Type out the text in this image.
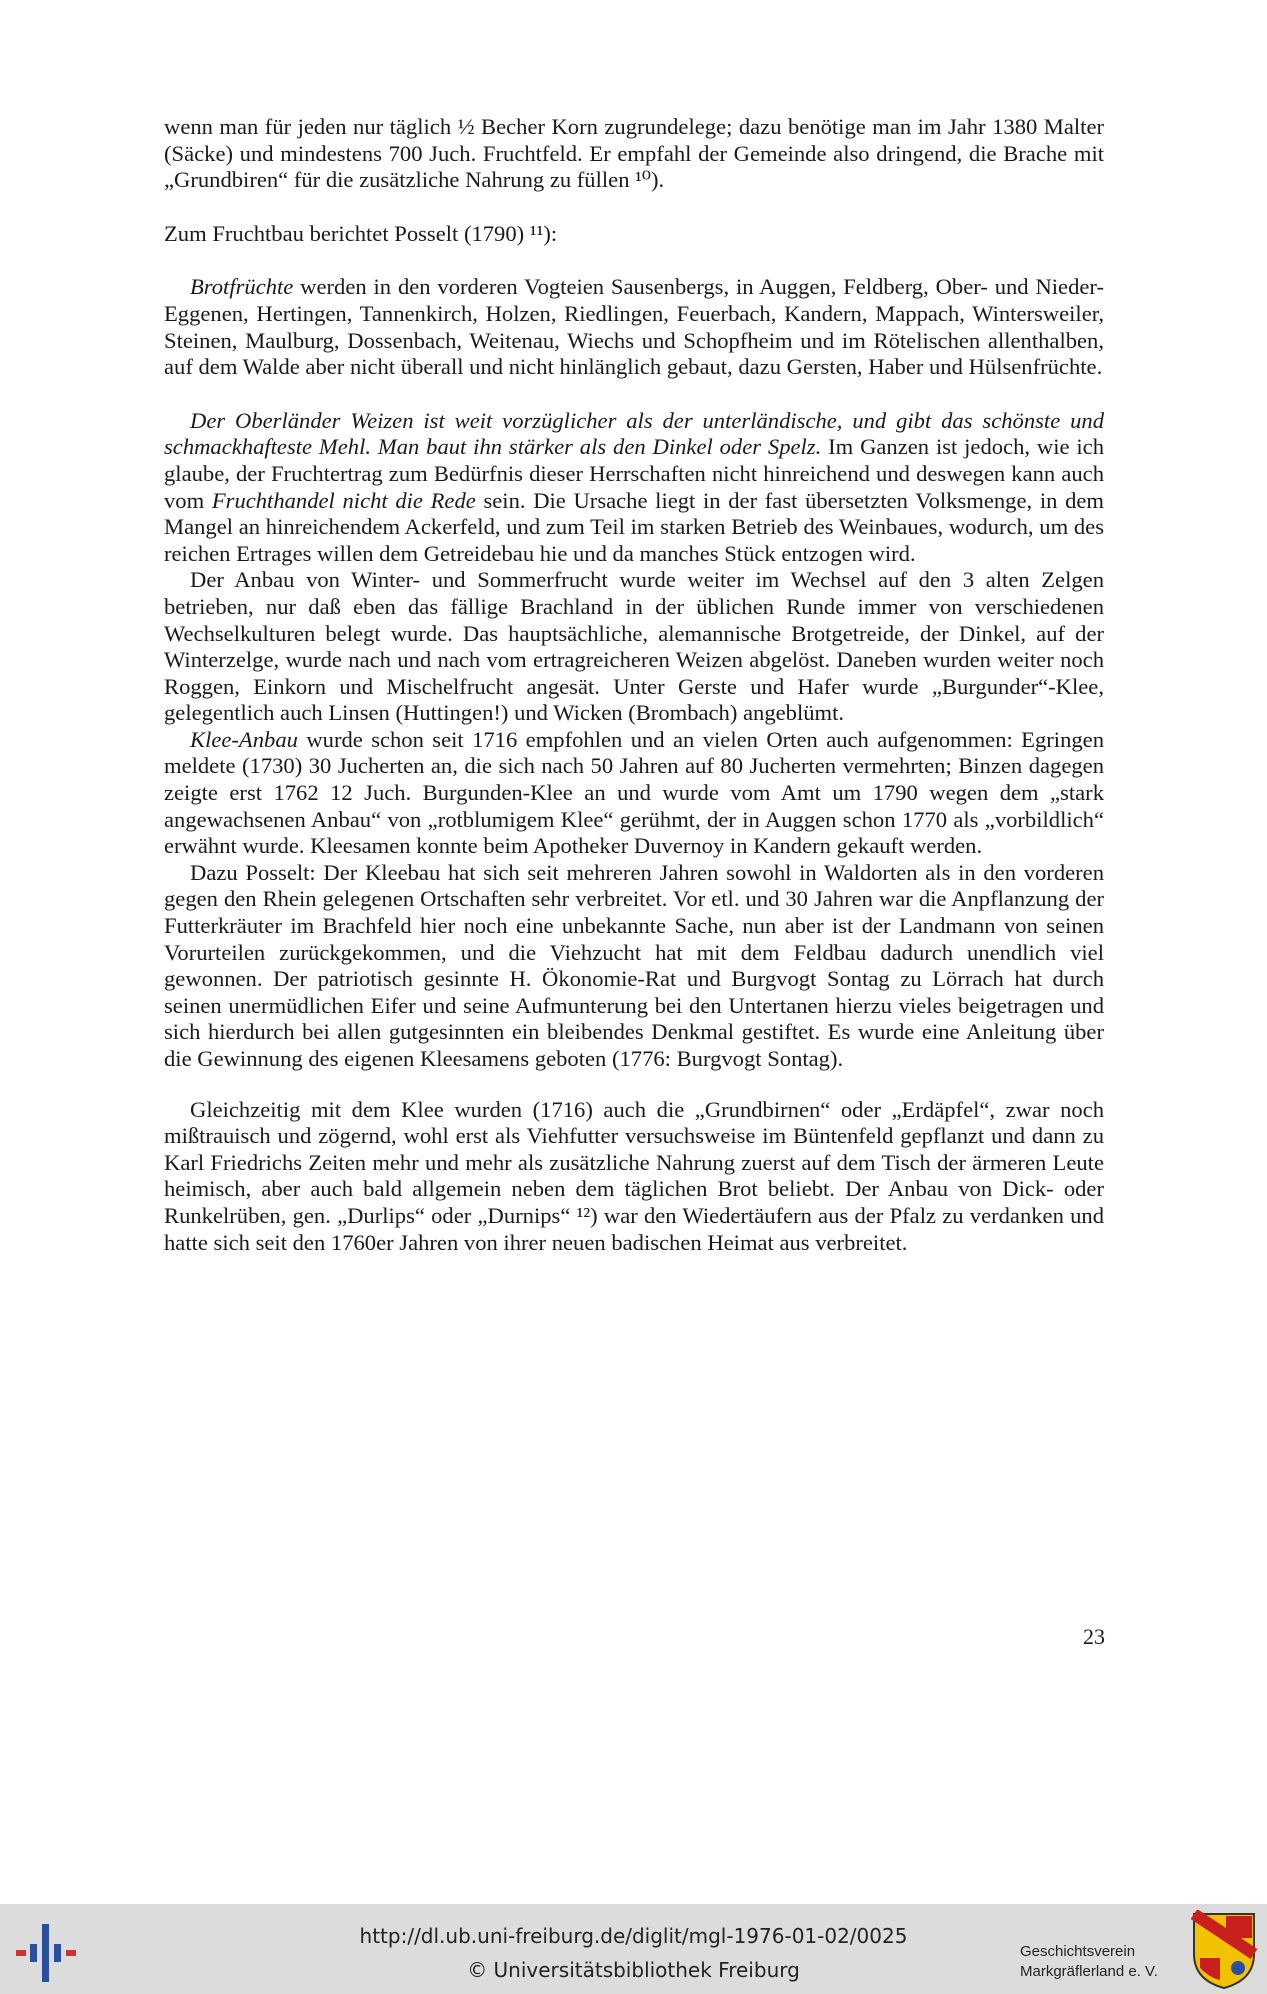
wenn man für jeden nur täglich ½ Becher Korn zugrundelege; dazu benötige man im Jahr 1380 Malter (Säcke) und mindestens 700 Juch. Fruchtfeld. Er empfahl der Gemeinde also dringend, die Brache mit „Grundbiren“ für die zusätzliche Nahrung zu füllen ¹⁰).

Zum Fruchtbau berichtet Posselt (1790) ¹¹):

Brotfrüchte werden in den vorderen Vogteien Sausenbergs, in Auggen, Feldberg, Ober- und Nieder-Eggenen, Hertingen, Tannenkirch, Holzen, Riedlingen, Feuerbach, Kandern, Mappach, Wintersweiler, Steinen, Maulburg, Dossenbach, Weitenau, Wiechs und Schopfheim und im Rötelischen allenthalben, auf dem Walde aber nicht überall und nicht hinlänglich gebaut, dazu Gersten, Haber und Hülsenfrüchte.

Der Oberländer Weizen ist weit vorzüglicher als der unterländische, und gibt das schönste und schmackhafteste Mehl. Man baut ihn stärker als den Dinkel oder Spelz. Im Ganzen ist jedoch, wie ich glaube, der Fruchtertrag zum Bedürfnis dieser Herrschaften nicht hinreichend und deswegen kann auch vom Fruchthandel nicht die Rede sein. Die Ursache liegt in der fast übersetzten Volksmenge, in dem Mangel an hinreichendem Ackerfeld, und zum Teil im starken Betrieb des Weinbaues, wodurch, um des reichen Ertrages willen dem Getreidebau hie und da manches Stück entzogen wird.

Der Anbau von Winter- und Sommerfrucht wurde weiter im Wechsel auf den 3 alten Zelgen betrieben, nur daß eben das fällige Brachland in der üblichen Runde immer von verschiedenen Wechselkulturen belegt wurde. Das hauptsächliche, alemannische Brotgetreide, der Dinkel, auf der Winterzelge, wurde nach und nach vom ertragreicheren Weizen abgelöst. Daneben wurden weiter noch Roggen, Einkorn und Mischelfrucht angesät. Unter Gerste und Hafer wurde „Burgunder“-Klee, gelegentlich auch Linsen (Huttingen!) und Wicken (Brombach) angeblümt.

Klee-Anbau wurde schon seit 1716 empfohlen und an vielen Orten auch aufgenommen: Egringen meldete (1730) 30 Jucherten an, die sich nach 50 Jahren auf 80 Jucherten vermehrten; Binzen dagegen zeigte erst 1762 12 Juch. Burgunden-Klee an und wurde vom Amt um 1790 wegen dem „stark angewachsenen Anbau“ von „rotblumigem Klee“ gerühmt, der in Auggen schon 1770 als „vorbildlich“ erwähnt wurde. Kleesamen konnte beim Apotheker Duvernoy in Kandern gekauft werden.

Dazu Posselt: Der Kleebau hat sich seit mehreren Jahren sowohl in Waldorten als in den vorderen gegen den Rhein gelegenen Ortschaften sehr verbreitet. Vor etl. und 30 Jahren war die Anpflanzung der Futterkräuter im Brachfeld hier noch eine unbekannte Sache, nun aber ist der Landmann von seinen Vorurteilen zurückgekommen, und die Viehzucht hat mit dem Feldbau dadurch unendlich viel gewonnen. Der patriotisch gesinnte H. Ökonomie-Rat und Burgvogt Sontag zu Lörrach hat durch seinen unermüdlichen Eifer und seine Aufmunterung bei den Untertanen hierzu vieles beigetragen und sich hierdurch bei allen gutgesinnten ein bleibendes Denkmal gestiftet. Es wurde eine Anleitung über die Gewinnung des eigenen Kleesamens geboten (1776: Burgvogt Sontag).

Gleichzeitig mit dem Klee wurden (1716) auch die „Grundbirnen“ oder „Erdäpfel“, zwar noch mißtrauisch und zögernd, wohl erst als Viehfutter versuchsweise im Büntenfeld gepflanzt und dann zu Karl Friedrichs Zeiten mehr und mehr als zusätzliche Nahrung zuerst auf dem Tisch der ärmeren Leute heimisch, aber auch bald allgemein neben dem täglichen Brot beliebt. Der Anbau von Dick- oder Runkelrüben, gen. „Durlips“ oder „Durnips“ ¹²) war den Wiedertäufern aus der Pfalz zu verdanken und hatte sich seit den 1760er Jahren von ihrer neuen badischen Heimat aus verbreitet.

23
http://dl.ub.uni-freiburg.de/diglit/mgl-1976-01-02/0025
© Universitätsbibliothek Freiburg
Geschichtsverein
Markgräflerland e. V.
